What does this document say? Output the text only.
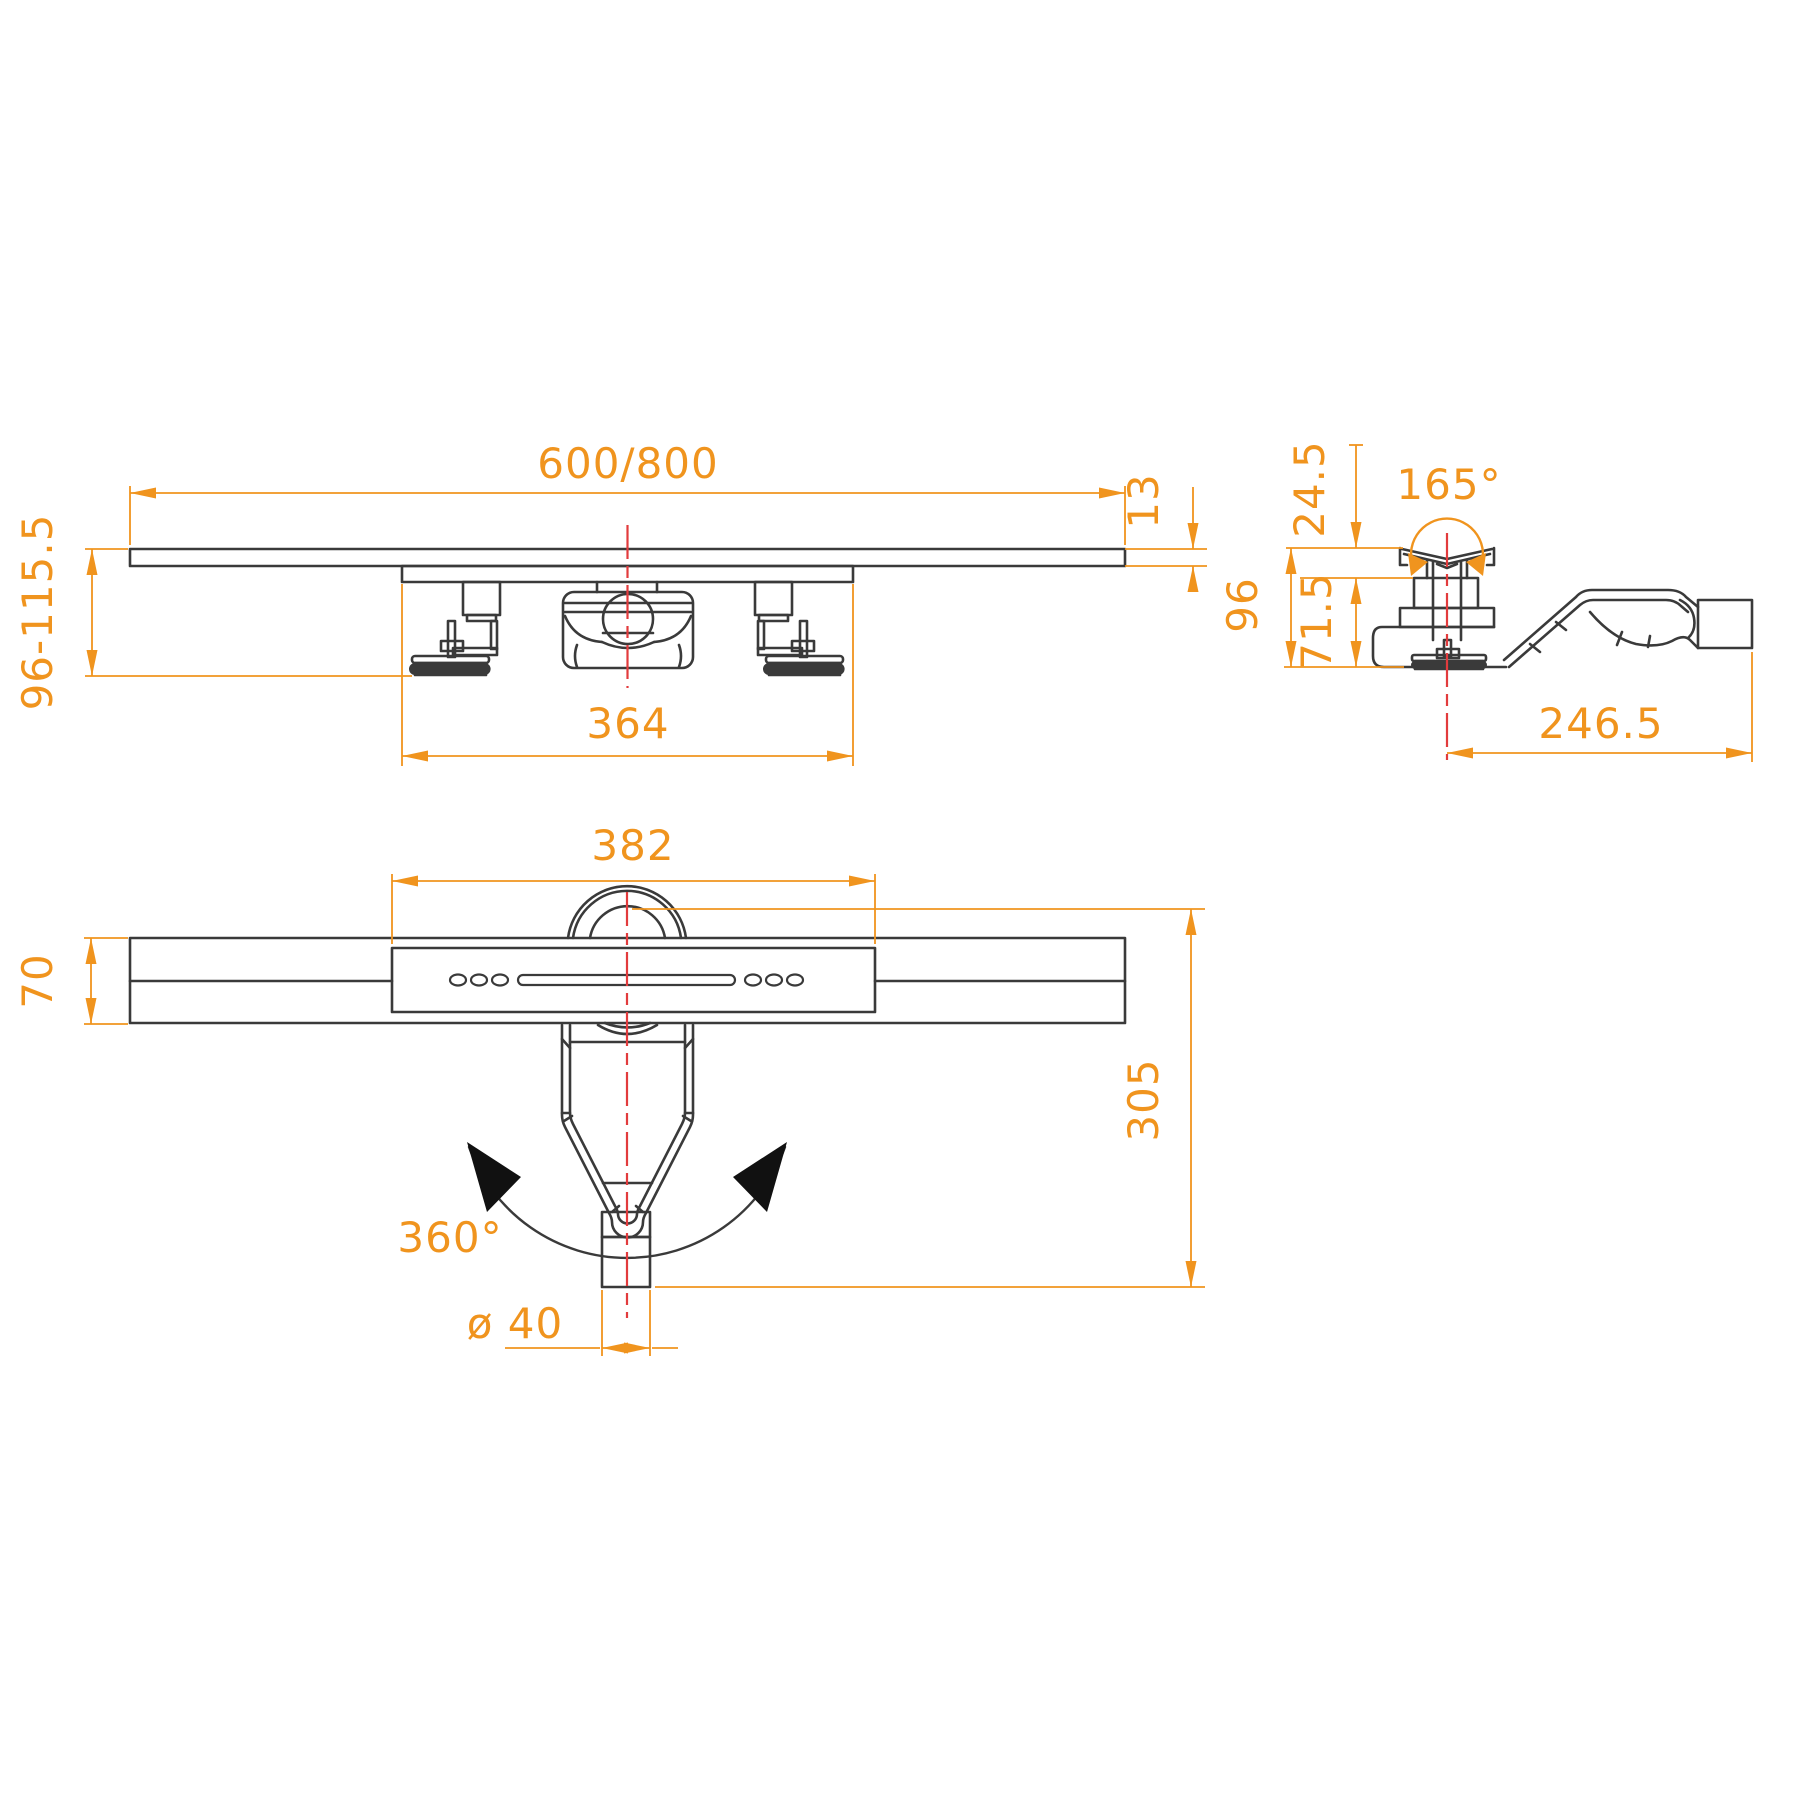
600/800
13
96-115.5
364
165°
24.5
96 71.5
246.5
382
70
305
360°
ø 40
